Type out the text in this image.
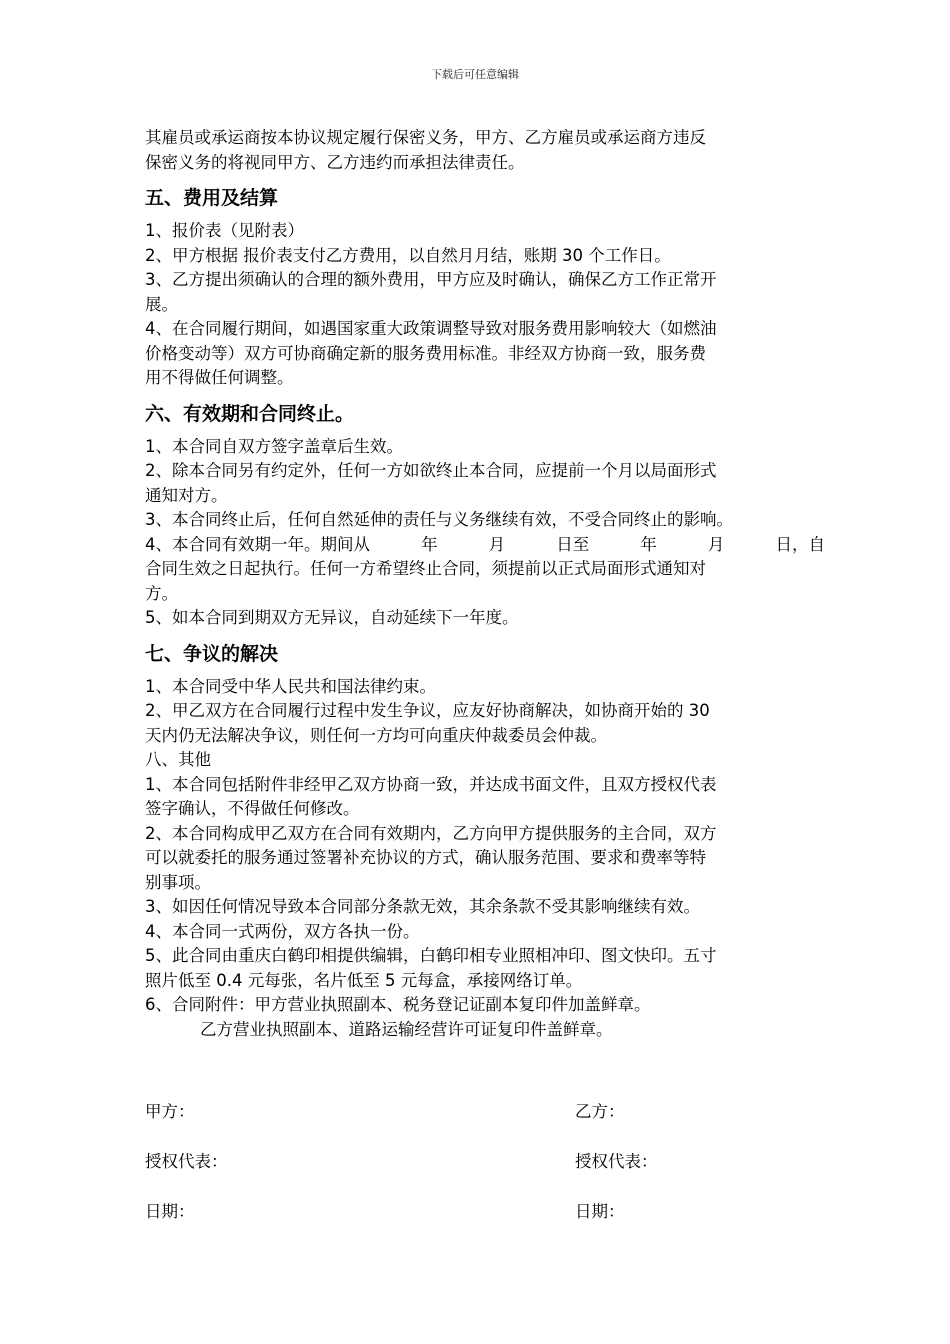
下载后可任意编辑

其雇员或承运商按本协议规定履行保密义务，甲方、乙方雇员或承运商方违反

保密义务的将视同甲方、乙方违约而承担法律责任。

五、费用及结算

1、报价表（见附表）

2、甲方根据 报价表支付乙方费用，以自然月月结，账期 30 个工作日。

3、乙方提出须确认的合理的额外费用，甲方应及时确认，确保乙方工作正常开

展。

4、在合同履行期间，如遇国家重大政策调整导致对服务费用影响较大（如燃油

价格变动等）双方可协商确定新的服务费用标准。非经双方协商一致，服务费

用不得做任何调整。

六、有效期和合同终止。

1、本合同自双方签字盖章后生效。

2、除本合同另有约定外，任何一方如欲终止本合同，应提前一个月以局面形式

通知对方。

3、本合同终止后，任何自然延伸的责任与义务继续有效，不受合同终止的影响。

4、本合同有效期一年。期间从	年	月	日至	年	月	日，自

合同生效之日起执行。任何一方希望终止合同，须提前以正式局面形式通知对

方。

5、如本合同到期双方无异议，自动延续下一年度。

七、争议的解决

1、本合同受中华人民共和国法律约束。

2、甲乙双方在合同履行过程中发生争议，应友好协商解决，如协商开始的 30

天内仍无法解决争议，则任何一方均可向重庆仲裁委员会仲裁。

八、其他

1、本合同包括附件非经甲乙双方协商一致，并达成书面文件，且双方授权代表

签字确认，不得做任何修改。

2、本合同构成甲乙双方在合同有效期内，乙方向甲方提供服务的主合同，双方

可以就委托的服务通过签署补充协议的方式，确认服务范围、要求和费率等特

别事项。

3、如因任何情况导致本合同部分条款无效，其余条款不受其影响继续有效。

4、本合同一式两份，双方各执一份。

5、此合同由重庆白鹤印相提供编辑，白鹤印相专业照相冲印、图文快印。五寸

照片低至 0.4 元每张，名片低至 5 元每盒，承接网络订单。

6、合同附件：甲方营业执照副本、税务登记证副本复印件加盖鲜章。

乙方营业执照副本、道路运输经营许可证复印件盖鲜章。

甲方：	乙方：
授权代表：	授权代表：
日期：	日期：
